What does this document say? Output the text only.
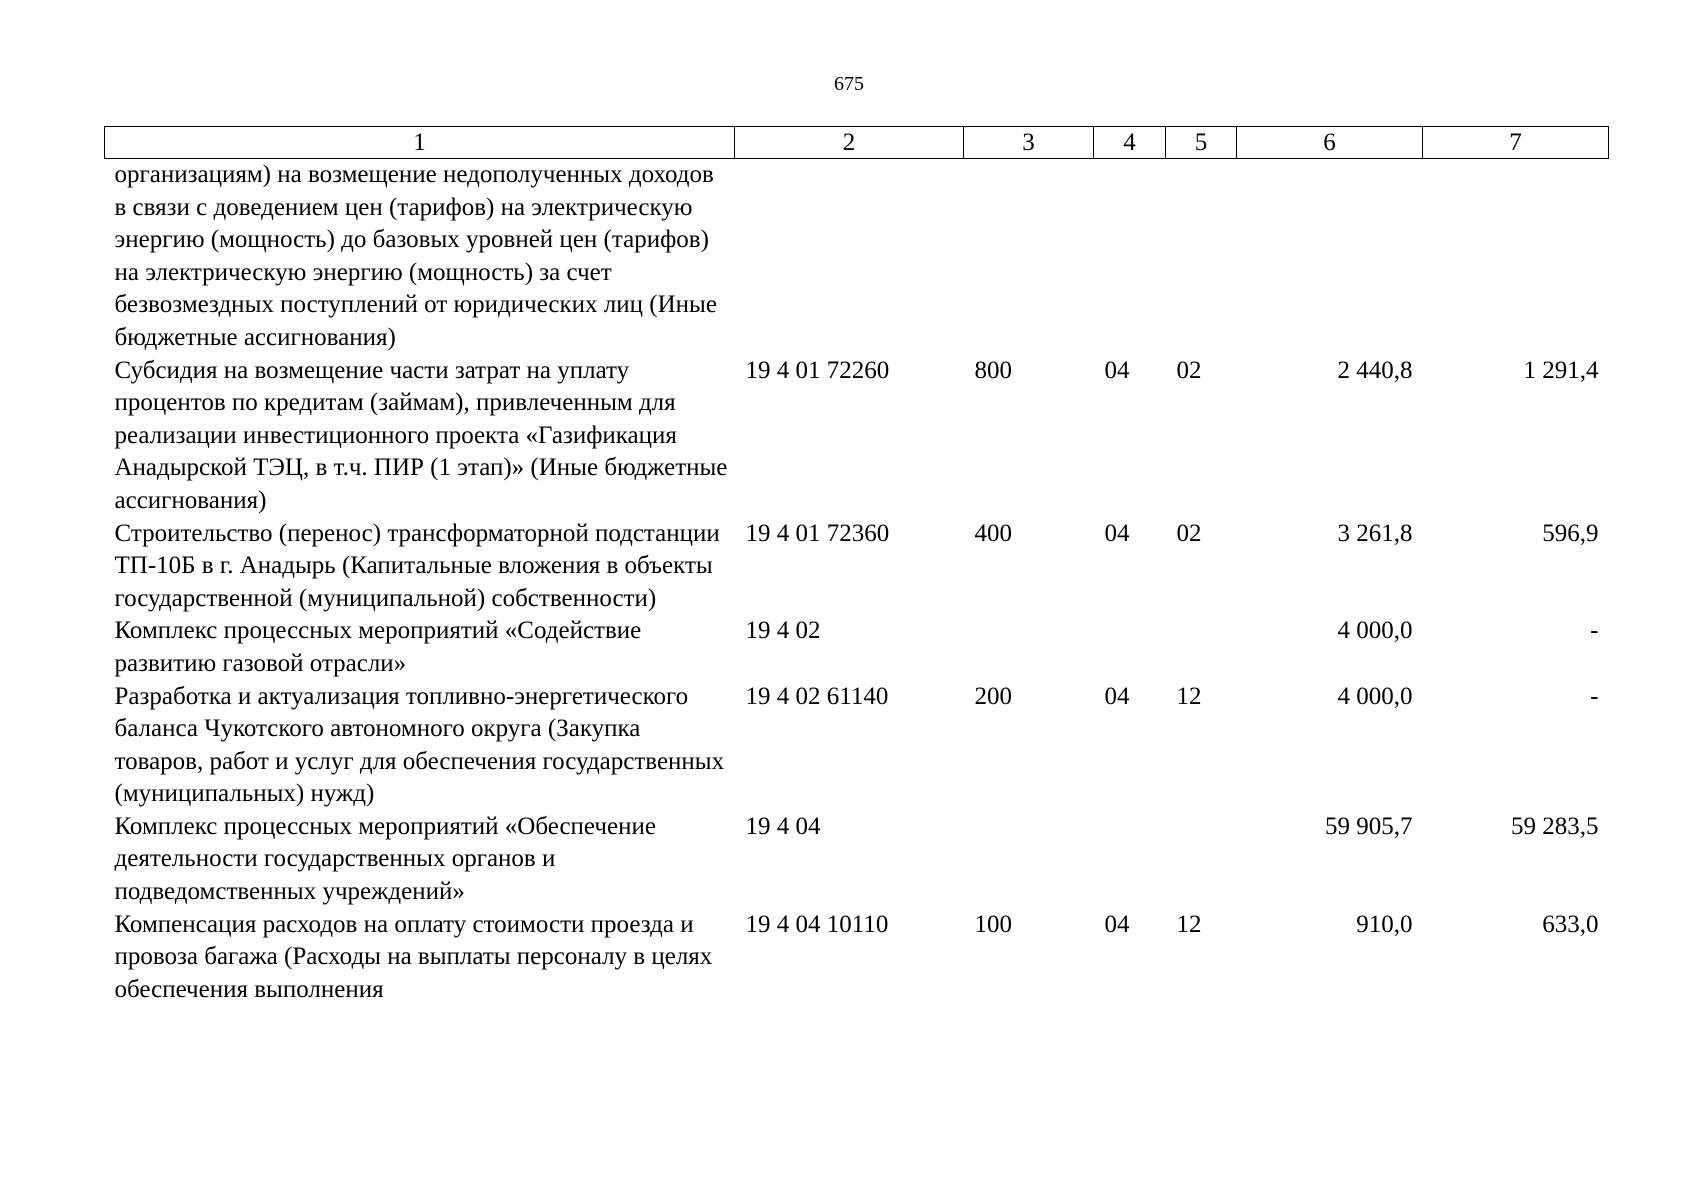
675
1	2	3	4	5	6	7
организациям) на возмещение недополученных доходов в связи с доведением цен (тарифов) на электрическую энергию (мощность) до базовых уровней цен (тарифов) на электрическую энергию (мощность) за счет безвозмездных поступлений от юридических лиц (Иные бюджетные ассигнования)						
Субсидия на возмещение части затрат на уплату процентов по кредитам (займам), привлеченным для реализации инвестиционного проекта «Газификация Анадырской ТЭЦ, в т.ч. ПИР (1 этап)» (Иные бюджетные ассигнования)	19 4 01 72260	800	04	02	2 440,8	1 291,4
Строительство (перенос) трансформаторной подстанции ТП-10Б в г. Анадырь (Капитальные вложения в объекты государственной (муниципальной) собственности)	19 4 01 72360	400	04	02	3 261,8	596,9
Комплекс процессных мероприятий «Содействие развитию газовой отрасли»	19 4 02				4 000,0	-
Разработка и актуализация топливно-энергетического баланса Чукотского автономного округа (Закупка товаров, работ и услуг для обеспечения государственных (муниципальных) нужд)	19 4 02 61140	200	04	12	4 000,0	-
Комплекс процессных мероприятий «Обеспечение деятельности государственных органов и подведомственных учреждений»	19 4 04				59 905,7	59 283,5
Компенсация расходов на оплату стоимости проезда и провоза багажа (Расходы на выплаты персоналу в целях обеспечения выполнения	19 4 04 10110	100	04	12	910,0	633,0
